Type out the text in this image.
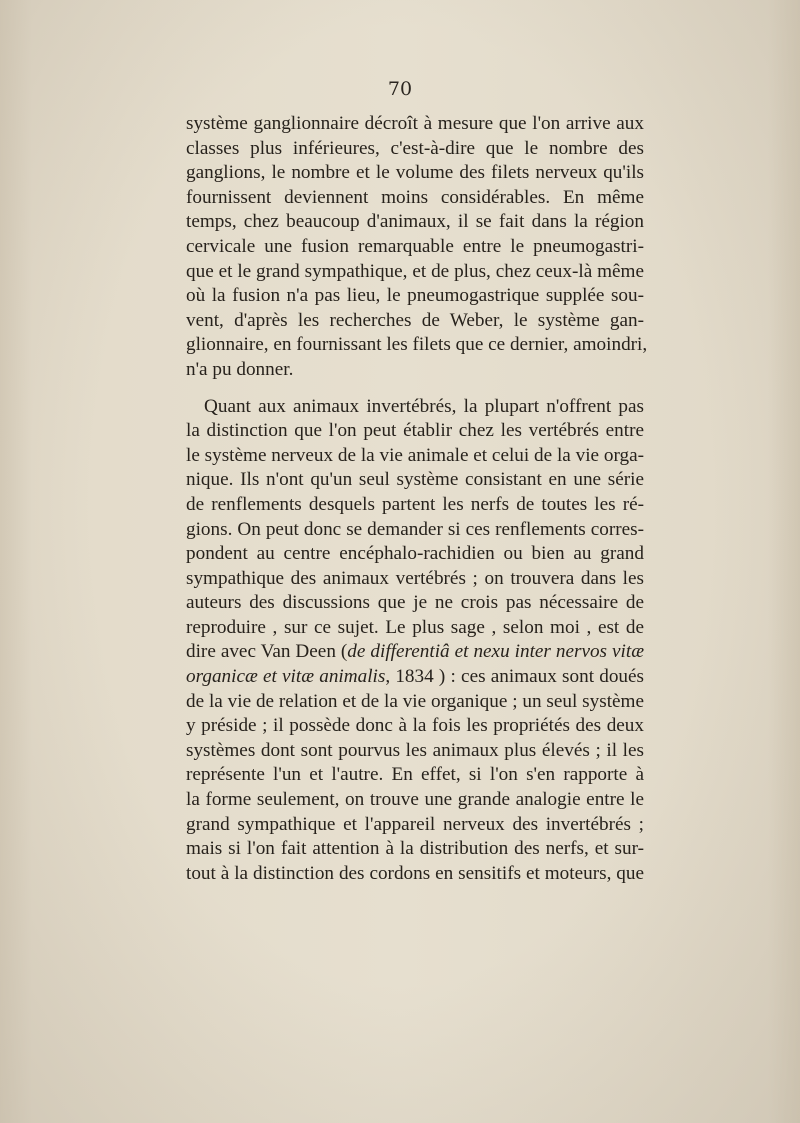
70
système ganglionnaire décroît à mesure que l'on arrive aux
classes plus inférieures, c'est-à-dire que le nombre des
ganglions, le nombre et le volume des filets nerveux qu'ils
fournissent deviennent moins considérables. En même
temps, chez beaucoup d'animaux, il se fait dans la région
cervicale une fusion remarquable entre le pneumogastri-
que et le grand sympathique, et de plus, chez ceux-là même
où la fusion n'a pas lieu, le pneumogastrique supplée sou-
vent, d'après les recherches de Weber, le système gan-
glionnaire, en fournissant les filets que ce dernier, amoindri,
n'a pu donner.
Quant aux animaux invertébrés, la plupart n'offrent pas
la distinction que l'on peut établir chez les vertébrés entre
le système nerveux de la vie animale et celui de la vie orga-
nique. Ils n'ont qu'un seul système consistant en une série
de renflements desquels partent les nerfs de toutes les ré-
gions. On peut donc se demander si ces renflements corres-
pondent au centre encéphalo-rachidien ou bien au grand
sympathique des animaux vertébrés ; on trouvera dans les
auteurs des discussions que je ne crois pas nécessaire de
reproduire , sur ce sujet. Le plus sage , selon moi , est de
dire avec Van Deen (de differentiâ et nexu inter nervos vitæ
organicæ et vitæ animalis, 1834 ) : ces animaux sont doués
de la vie de relation et de la vie organique ; un seul système
y préside ; il possède donc à la fois les propriétés des deux
systèmes dont sont pourvus les animaux plus élevés ; il les
représente l'un et l'autre. En effet, si l'on s'en rapporte à
la forme seulement, on trouve une grande analogie entre le
grand sympathique et l'appareil nerveux des invertébrés ;
mais si l'on fait attention à la distribution des nerfs, et sur-
tout à la distinction des cordons en sensitifs et moteurs, que
